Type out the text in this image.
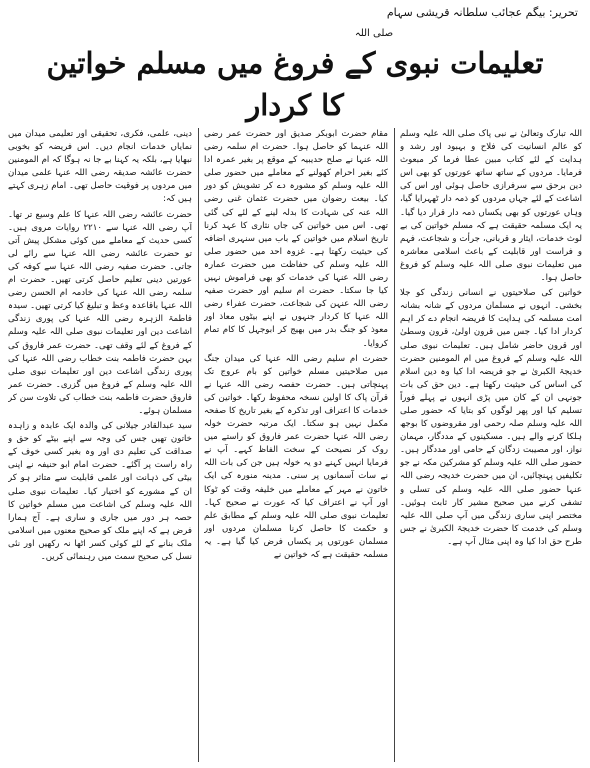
تحریر: بیگم عجائب سلطانہ قریشی سہام
صلی اللہ
تعلیمات نبوی کے فروغ میں مسلم خواتین کا کردار

اللہ تبارک وتعالیٰ نے نبی پاک صلی اللہ علیہ وسلم کو عالم انسانیت کی فلاح و بہبود اور رشد و ہدایت کے لئے کتاب مبین عطا فرما کر مبعوث فرمایا۔ مردوں کے ساتھ ساتھ عورتوں کو بھی اس دین برحق سے سرفرازی حاصل ہوئی اور اس کی اشاعت کے لئے جہاں مردوں کو ذمہ دار ٹھہرایا گیا، وہاں عورتوں کو بھی یکساں ذمہ دار قرار دیا گیا۔ یہ ایک مسلمہ حقیقت ہے کہ مسلم خواتین کی بے لوث خدمات، ایثار و قربانی، جرأت و شجاعت، فہم و فراست اور قابلیت کے باعث اسلامی معاشرہ میں تعلیمات نبوی صلی اللہ علیہ وسلم کو فروغ حاصل ہوا۔

خواتین کی صلاحیتوں نے انسانی زندگی کو جلا بخشی۔ انہوں نے مسلمان مردوں کے شانہ بشانہ امت مسلمہ کی ہدایت کا فریضہ انجام دے کر اہم کردار ادا کیا۔ جس میں قرون اولیٰ، قرون وسطیٰ اور قرون حاضر شامل ہیں۔ تعلیمات نبوی صلی اللہ علیہ وسلم کے فروغ میں ام المومنین حضرت خدیجۃ الکبریٰ نے جو فریضہ ادا کیا وہ دین اسلام کی اساس کی حیثیت رکھتا ہے۔ دین حق کی بات جونہی ان کے کان میں پڑی انہوں نے پہلے فوراً تسلیم کیا اور پھر لوگوں کو بتایا کہ حضور صلی اللہ علیہ وسلم صلہ رحمی اور مقروضوں کا بوجھ ہلکا کرنے والے ہیں۔ مسکینوں کے مددگار، مہمان نواز، اور مصیبت زدگان کے حامی اور مددگار ہیں۔ حضور صلی اللہ علیہ وسلم کو مشرکین مکہ نے جو تکلیفیں پہنچائیں، ان میں حضرت خدیجہ رضی اللہ عنہا حضور صلی اللہ علیہ وسلم کی تسلی و تشفی کرنے میں صحیح مشیر کار ثابت ہوئیں۔ مختصر اپنی ساری زندگی میں آپ صلی اللہ علیہ وسلم کی خدمت کا حضرت خدیجۃ الکبریٰ نے جس طرح حق ادا کیا وہ اپنی مثال آپ ہے۔

مقام حضرت ابوبکر صدیق اور حضرت عمر رضی اللہ عنہما کو حاصل ہوا۔ حضرت ام سلمہ رضی اللہ عنہا نے صلح حدیبیہ کے موقع پر بغیر عمرہ ادا کئے بغیر احرام کھولنے کے معاملے میں حضور صلی اللہ علیہ وسلم کو مشورہ دے کر تشویش کو دور کیا۔ بیعت رضوان میں حضرت عثمان غنی رضی اللہ عنہ کی شہادت کا بدلہ لینے کے لئے کی گئی تھی۔ اس میں خواتین کی جاں نثاری کا عہد کرنا تاریخ اسلام میں خواتین کے باب میں سنہری اضافہ کی حیثیت رکھتا ہے۔ غزوہ احد میں حضور صلی اللہ علیہ وسلم کی حفاظت میں حضرت عمارہ رضی اللہ عنہا کی خدمات کو بھی فراموش نہیں کیا جا سکتا۔ حضرت ام سلیم اور حضرت صفیہ رضی اللہ عنہن کی شجاعت، حضرت عفراء رضی اللہ عنہا کا کردار جنہوں نے اپنے بیٹوں معاذ اور معوذ کو جنگ بدر میں بھیج کر ابوجہل کا کام تمام کروایا۔

حضرت ام سلیم رضی اللہ عنہا کی میدان جنگ میں صلاحیتیں مسلم خواتین کو بام عروج تک پہنچاتی ہیں۔ حضرت حفصہ رضی اللہ عنہا نے قرآن پاک کا اولین نسخہ محفوظ رکھا۔ خواتین کی خدمات کا اعتراف اور تذکرہ کے بغیر تاریخ کا صفحہ مکمل نہیں ہو سکتا۔ ایک مرتبہ حضرت خولہ رضی اللہ عنہا حضرت عمر فاروق کو راستے میں روک کر نصیحت کے سخت الفاظ کہے۔ آپ نے فرمایا انہیں کہنے دو یہ خولہ ہیں جن کی بات اللہ نے سات آسمانوں پر سنی۔ مدینہ منورہ کی ایک خاتون نے مہر کے معاملے میں خلیفہ وقت کو ٹوکا اور آپ نے اعتراف کیا کہ عورت نے صحیح کہا۔ تعلیمات نبوی صلی اللہ علیہ وسلم کے مطابق علم و حکمت کا حاصل کرنا مسلمان مردوں اور مسلمان عورتوں پر یکساں فرض کیا گیا ہے۔ یہ مسلمہ حقیقت ہے کہ خواتین نے

دینی، علمی، فکری، تحقیقی اور تعلیمی میدان میں نمایاں خدمات انجام دیں۔ اس فریضہ کو بخوبی نبھایا ہے، بلکہ یہ کہنا بے جا نہ ہوگا کہ ام المومنین حضرت عائشہ صدیقہ رضی اللہ عنہا علمی میدان میں مردوں پر فوقیت حاصل تھی۔ امام زہری کہتے ہیں کہ:

حضرت عائشہ رضی اللہ عنہا کا علم وسیع تر تھا۔ آپ رضی اللہ عنہا سے ۲۲۱۰ روایات مروی ہیں۔ کسی حدیث کے معاملے میں کوئی مشکل پیش آتی تو حضرت عائشہ رضی اللہ عنہا سے رائے لی جاتی۔ حضرت صفیہ رضی اللہ عنہا سے کوفہ کی عورتیں دینی تعلیم حاصل کرتی تھیں۔ حضرت ام سلمہ رضی اللہ عنہا کی خادمہ ام الحسن رضی اللہ عنہا باقاعدہ وعظ و تبلیغ کیا کرتی تھیں۔ سیدہ فاطمۃ الزہرہ رضی اللہ عنہا کی پوری زندگی اشاعت دین اور تعلیمات نبوی صلی اللہ علیہ وسلم کے فروغ کے لئے وقف تھی۔ حضرت عمر فاروق کی بہن حضرت فاطمہ بنت خطاب رضی اللہ عنہا کی پوری زندگی اشاعت دین اور تعلیمات نبوی صلی اللہ علیہ وسلم کے فروغ میں گزری۔ حضرت عمر فاروق حضرت فاطمہ بنت خطاب کی تلاوت سن کر مسلمان ہوئے۔

سید عبدالقادر جیلانی کی والدہ ایک عابدہ و زاہدہ خاتون تھیں جس کی وجہ سے اپنے بیٹے کو حق و صداقت کی تعلیم دی اور وہ بغیر کسی خوف کے راہ راست پر آگئے۔ حضرت امام ابو حنیفہ نے اپنی بیٹی کی ذہانت اور علمی قابلیت سے متاثر ہو کر ان کے مشورے کو اختیار کیا۔ تعلیمات نبوی صلی اللہ علیہ وسلم کی اشاعت میں مسلم خواتین کا حصہ ہر دور میں جاری و ساری ہے۔ آج ہمارا فرض ہے کہ اپنے ملک کو صحیح معنوں میں اسلامی ملک بنانے کے لئے کوئی کسر اٹھا نہ رکھیں اور نئی نسل کی صحیح سمت میں رہنمائی کریں۔
